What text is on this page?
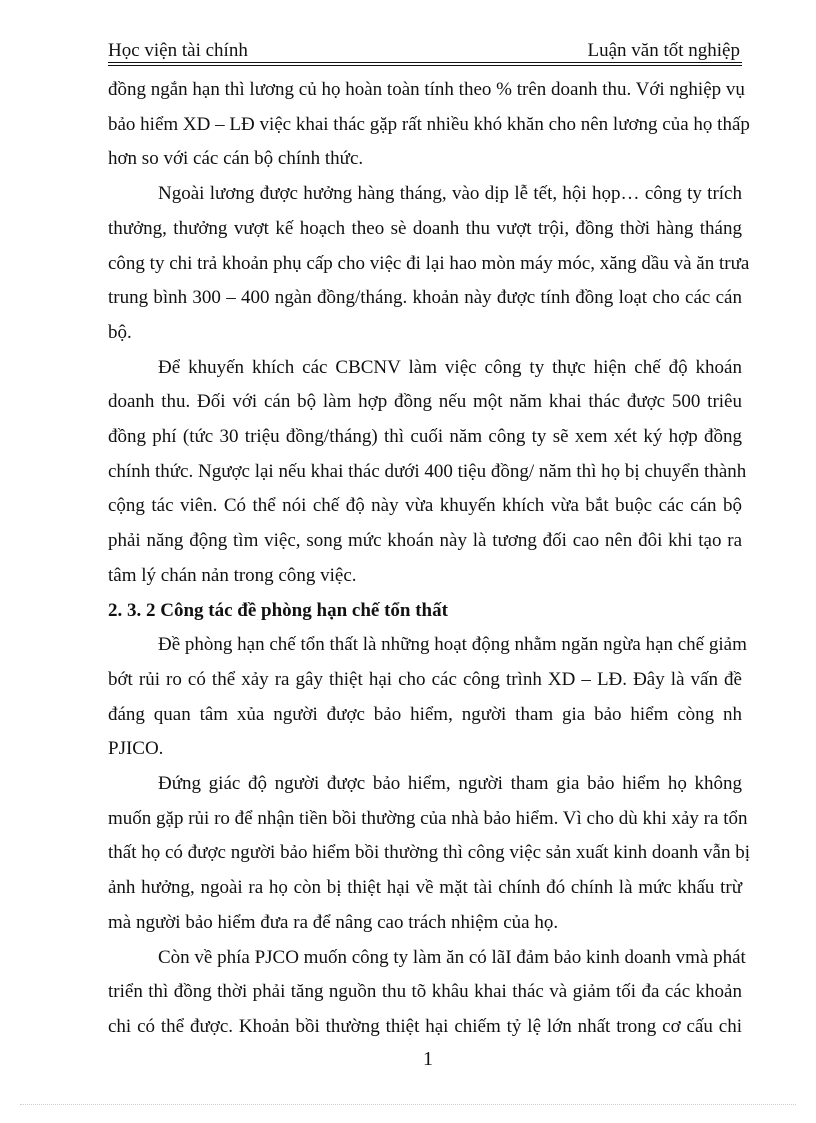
Học viện tài chính	Luận văn tốt nghiệp
đồng ngắn hạn thì lương củ họ hoàn toàn tính theo % trên doanh thu. Với nghiệp vụ
bảo hiểm XD – LĐ việc khai thác gặp rất nhiều khó khăn cho nên lương của họ thấp
hơn so với các cán bộ chính thức.
Ngoài lương được hưởng hàng tháng, vào dịp lễ tết, hội họp… công ty trích
thưởng, thưởng vượt kế hoạch theo sè doanh thu vượt trội, đồng thời hàng tháng
công ty chi trả khoản phụ cấp cho việc đi lại hao mòn máy móc, xăng dầu và ăn trưa
trung bình 300 – 400 ngàn đồng/tháng. khoản này được tính đồng loạt cho các cán
bộ.
Để khuyến khích các CBCNV làm việc công ty thực hiện chế độ khoán
doanh thu. Đối với cán bộ làm hợp đồng nếu một năm khai thác được 500 triêu
đồng phí (tức 30 triệu đồng/tháng) thì cuối năm công ty sẽ xem xét ký hợp đồng
chính thức. Ngược lại nếu khai thác dưới 400 tiệu đồng/ năm thì họ bị chuyển thành
cộng tác viên. Có thể nói chế độ này vừa khuyến khích vừa bắt buộc các cán bộ
phải năng động tìm việc, song mức khoán này là tương đối cao nên đôi khi tạo ra
tâm lý chán nản trong công việc.
2. 3. 2 Công tác đề phòng hạn chế tổn thất
Đề phòng hạn chế tổn thất là những hoạt động nhằm ngăn ngừa hạn chế giảm
bớt rủi ro có thể xảy ra gây thiệt hại cho các công trình XD – LĐ. Đây là vấn đề
đáng quan tâm xủa người được bảo hiểm, người tham gia bảo hiểm còng nh
PJICO.
Đứng giác độ người được bảo hiểm, người tham gia bảo hiểm họ không
muốn gặp rủi ro để nhận tiền bồi thường của nhà bảo hiểm. Vì cho dù khi xảy ra tổn
thất họ có được người bảo hiểm bồi thường thì công việc sản xuất kinh doanh vẫn bị
ảnh hưởng, ngoài ra họ còn bị thiệt hại về mặt tài chính đó chính là mức khấu trừ
mà người bảo hiểm đưa ra để nâng cao trách nhiệm của họ.
Còn về phía PJCO muốn công ty làm ăn có lãI đảm bảo kinh doanh vmà phát
triển thì đồng thời phải tăng nguồn thu tõ khâu khai thác và giảm tối đa các khoản
chi có thể được. Khoản bồi thường thiệt hại chiếm tỷ lệ lớn nhất trong cơ cấu chi
1
